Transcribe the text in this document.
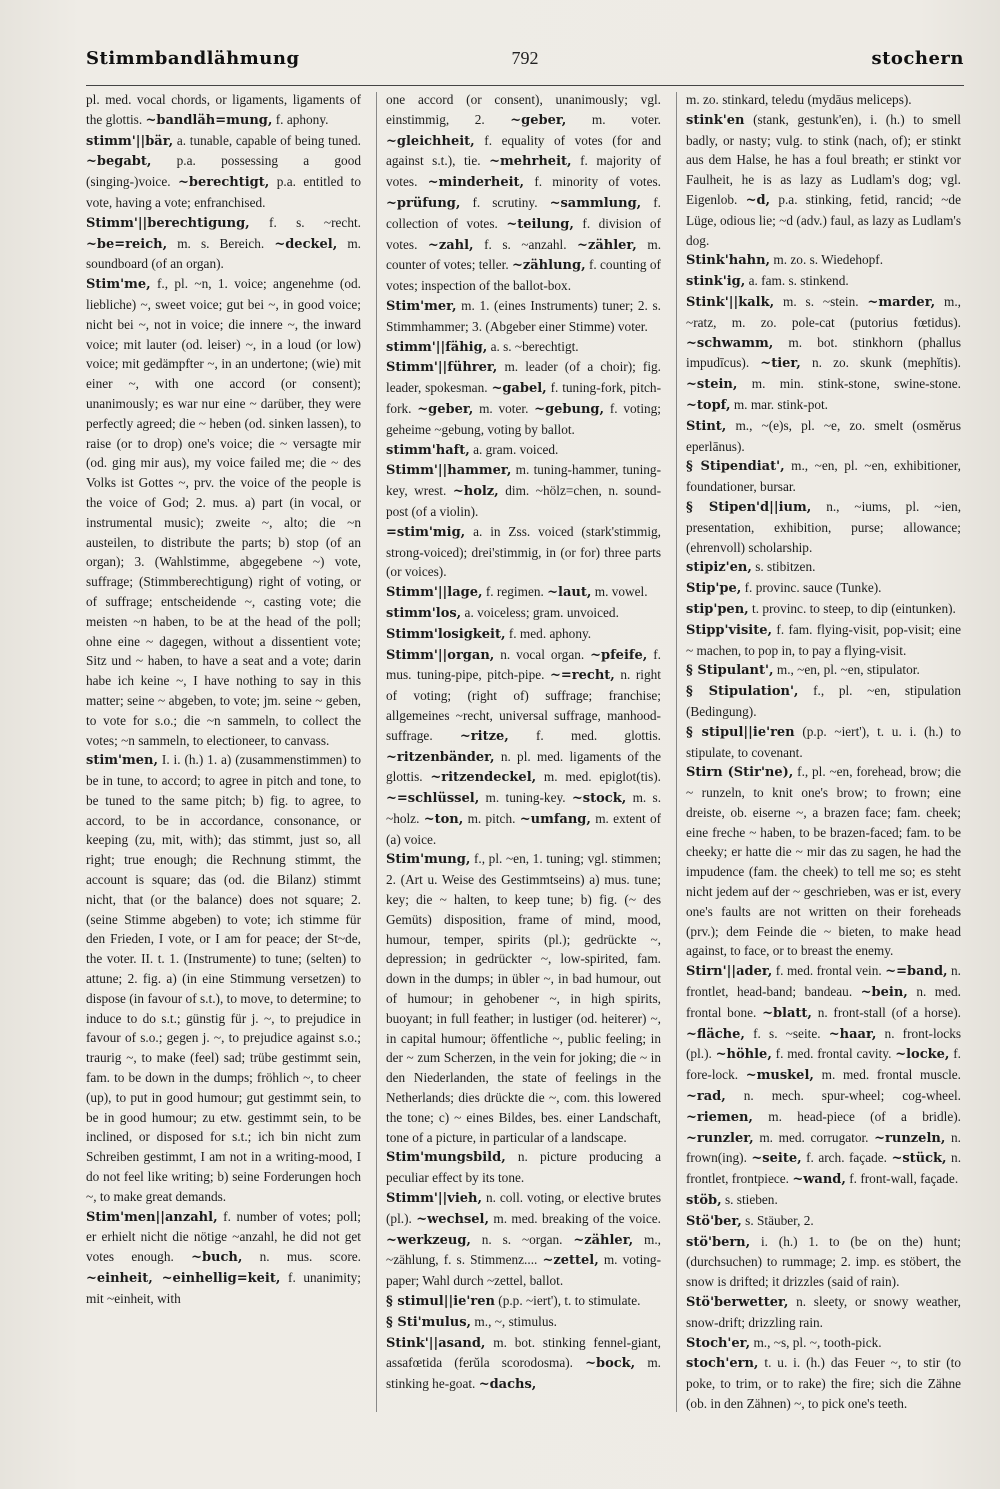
Stimmbandlähmung	792	stochern

pl. med. vocal chords, or ligaments, ligaments of the glottis. ~bandläh=mung, f. aphony.
stimm'||bär, a. tunable, capable of being tuned. ~begabt, p.a. possessing a good (singing-)voice. ~berechtigt, p.a. entitled to vote, having a vote; enfranchised.
Stimm'||berechtigung, f. s. ~recht. ~be=reich, m. s. Bereich. ~deckel, m. soundboard (of an organ).
Stim'me, f., pl. ~n, 1. voice; angenehme (od. liebliche) ~, sweet voice; gut bei ~, in good voice; nicht bei ~, not in voice; die innere ~, the inward voice; mit lauter (od. leiser) ~, in a loud (or low) voice; mit gedämpfter ~, in an undertone; (wie) mit einer ~, with one accord (or consent); unanimously; es war nur eine ~ darüber, they were perfectly agreed; die ~ heben (od. sinken lassen), to raise (or to drop) one's voice; die ~ versagte mir (od. ging mir aus), my voice failed me; die ~ des Volks ist Gottes ~, prv. the voice of the people is the voice of God; 2. mus. a) part (in vocal, or instrumental music); zweite ~, alto; die ~n austeilen, to distribute the parts; b) stop (of an organ); 3. (Wahlstimme, abgegebene ~) vote, suffrage; (Stimmberechtigung) right of voting, or of suffrage; entscheidende ~, casting vote; die meisten ~n haben, to be at the head of the poll; ohne eine ~ dagegen, without a dissentient vote; Sitz und ~ haben, to have a seat and a vote; darin habe ich keine ~, I have nothing to say in this matter; seine ~ abgeben, to vote; jm. seine ~ geben, to vote for s.o.; die ~n sammeln, to collect the votes; ~n sammeln, to electioneer, to canvass.
stim'men, I. i. (h.) 1. a) (zusammenstimmen) to be in tune, to accord; to agree in pitch and tone, to be tuned to the same pitch; b) fig. to agree, to accord, to be in accordance, consonance, or keeping (zu, mit, with); das stimmt, just so, all right; true enough; die Rechnung stimmt, the account is square; das (od. die Bilanz) stimmt nicht, that (or the balance) does not square; 2. (seine Stimme abgeben) to vote; ich stimme für den Frieden, I vote, or I am for peace; der St~de, the voter. II. t. 1. (Instrumente) to tune; (selten) to attune; 2. fig. a) (in eine Stimmung versetzen) to dispose (in favour of s.t.), to move, to determine; to induce to do s.t.; günstig für j. ~, to prejudice in favour of s.o.; gegen j. ~, to prejudice against s.o.; traurig ~, to make (feel) sad; trübe gestimmt sein, fam. to be down in the dumps; fröhlich ~, to cheer (up), to put in good humour; gut gestimmt sein, to be in good humour; zu etw. gestimmt sein, to be inclined, or disposed for s.t.; ich bin nicht zum Schreiben gestimmt, I am not in a writing-mood, I do not feel like writing; b) seine Forderungen hoch ~, to make great demands.
Stim'men||anzahl, f. number of votes; poll; er erhielt nicht die nötige ~anzahl, he did not get votes enough. ~buch, n. mus. score. ~einheit, ~einhellig=keit, f. unanimity; mit ~einheit, with

one accord (or consent), unanimously; vgl. einstimmig, 2. ~geber, m. voter. ~gleichheit, f. equality of votes (for and against s.t.), tie. ~mehrheit, f. majority of votes. ~minderheit, f. minority of votes. ~prüfung, f. scrutiny. ~sammlung, f. collection of votes. ~teilung, f. division of votes. ~zahl, f. s. ~anzahl. ~zähler, m. counter of votes; teller. ~zählung, f. counting of votes; inspection of the ballot-box.
Stim'mer, m. 1. (eines Instruments) tuner; 2. s. Stimmhammer; 3. (Abgeber einer Stimme) voter.
stimm'||fähig, a. s. ~berechtigt.
Stimm'||führer, m. leader (of a choir); fig. leader, spokesman. ~gabel, f. tuning-fork, pitch-fork. ~geber, m. voter. ~gebung, f. voting; geheime ~gebung, voting by ballot.
stimm'haft, a. gram. voiced.
Stimm'||hammer, m. tuning-hammer, tuning-key, wrest. ~holz, dim. ~hölz=chen, n. sound-post (of a violin).
=stim'mig, a. in Zss. voiced (stark'stimmig, strong-voiced); drei'stimmig, in (or for) three parts (or voices).
Stimm'||lage, f. regimen. ~laut, m. vowel.
stimm'los, a. voiceless; gram. unvoiced.
Stimm'losigkeit, f. med. aphony.
Stimm'||organ, n. vocal organ. ~pfeife, f. mus. tuning-pipe, pitch-pipe. ~=recht, n. right of voting; (right of) suffrage; franchise; allgemeines ~recht, universal suffrage, manhood-suffrage. ~ritze, f. med. glottis. ~ritzenbänder, n. pl. med. ligaments of the glottis. ~ritzendeckel, m. med. epiglot(tis). ~=schlüssel, m. tuning-key. ~stock, m. s. ~holz. ~ton, m. pitch. ~umfang, m. extent of (a) voice.
Stim'mung, f., pl. ~en, 1. tuning; vgl. stimmen; 2. (Art u. Weise des Gestimmtseins) a) mus. tune; key; die ~ halten, to keep tune; b) fig. (~ des Gemüts) disposition, frame of mind, mood, humour, temper, spirits (pl.); gedrückte ~, depression; in gedrückter ~, low-spirited, fam. down in the dumps; in übler ~, in bad humour, out of humour; in gehobener ~, in high spirits, buoyant; in full feather; in lustiger (od. heiterer) ~, in capital humour; öffentliche ~, public feeling; in der ~ zum Scherzen, in the vein for joking; die ~ in den Niederlanden, the state of feelings in the Netherlands; dies drückte die ~, com. this lowered the tone; c) ~ eines Bildes, bes. einer Landschaft, tone of a picture, in particular of a landscape.
Stim'mungsbild, n. picture producing a peculiar effect by its tone.
Stimm'||vieh, n. coll. voting, or elective brutes (pl.). ~wechsel, m. med. breaking of the voice. ~werkzeug, n. s. ~organ. ~zähler, m., ~zählung, f. s. Stimmenz.... ~zettel, m. voting-paper; Wahl durch ~zettel, ballot.
§ stimul||ie'ren (p.p. ~iert'), t. to stimulate.
§ Sti'mulus, m., ~, stimulus.
Stink'||asand, m. bot. stinking fennel-giant, assafœtida (ferŭla scorodosma). ~bock, m. stinking he-goat. ~dachs,

m. zo. stinkard, teledu (mydāus meliceps).
stink'en (stank, gestunk'en), i. (h.) to smell badly, or nasty; vulg. to stink (nach, of); er stinkt aus dem Halse, he has a foul breath; er stinkt vor Faulheit, he is as lazy as Ludlam's dog; vgl. Eigenlob. ~d, p.a. stinking, fetid, rancid; ~de Lüge, odious lie; ~d (adv.) faul, as lazy as Ludlam's dog.
Stink'hahn, m. zo. s. Wiedehopf.
stink'ig, a. fam. s. stinkend.
Stink'||kalk, m. s. ~stein. ~marder, m., ~ratz, m. zo. pole-cat (putorius fœtidus). ~schwamm, m. bot. stinkhorn (phallus impudīcus). ~tier, n. zo. skunk (mephĭtis). ~stein, m. min. stink-stone, swine-stone. ~topf, m. mar. stink-pot.
Stint, m., ~(e)s, pl. ~e, zo. smelt (osmĕrus eperlānus).
§ Stipendiat', m., ~en, pl. ~en, exhibitioner, foundationer, bursar.
§ Stipen'd||ium, n., ~iums, pl. ~ien, presentation, exhibition, purse; allowance; (ehrenvoll) scholarship.
stipiz'en, s. stibitzen.
Stip'pe, f. provinc. sauce (Tunke).
stip'pen, t. provinc. to steep, to dip (eintunken).
Stipp'visite, f. fam. flying-visit, pop-visit; eine ~ machen, to pop in, to pay a flying-visit.
§ Stipulant', m., ~en, pl. ~en, stipulator.
§ Stipulation', f., pl. ~en, stipulation (Bedingung).
§ stipul||ie'ren (p.p. ~iert'), t. u. i. (h.) to stipulate, to covenant.
Stirn (Stir'ne), f., pl. ~en, forehead, brow; die ~ runzeln, to knit one's brow; to frown; eine dreiste, ob. eiserne ~, a brazen face; fam. cheek; eine freche ~ haben, to be brazen-faced; fam. to be cheeky; er hatte die ~ mir das zu sagen, he had the impudence (fam. the cheek) to tell me so; es steht nicht jedem auf der ~ geschrieben, was er ist, every one's faults are not written on their foreheads (prv.); dem Feinde die ~ bieten, to make head against, to face, or to breast the enemy.
Stirn'||ader, f. med. frontal vein. ~=band, n. frontlet, head-band; bandeau. ~bein, n. med. frontal bone. ~blatt, n. front-stall (of a horse). ~fläche, f. s. ~seite. ~haar, n. front-locks (pl.). ~höhle, f. med. frontal cavity. ~locke, f. fore-lock. ~muskel, m. med. frontal muscle. ~rad, n. mech. spur-wheel; cog-wheel. ~riemen, m. head-piece (of a bridle). ~runzler, m. med. corrugator. ~runzeln, n. frown(ing). ~seite, f. arch. façade. ~stück, n. frontlet, frontpiece. ~wand, f. front-wall, façade.
stöb, s. stieben.
Stö'ber, s. Stäuber, 2.
stö'bern, i. (h.) 1. to (be on the) hunt; (durchsuchen) to rummage; 2. imp. es stöbert, the snow is drifted; it drizzles (said of rain).
Stö'berwetter, n. sleety, or snowy weather, snow-drift; drizzling rain.
Stoch'er, m., ~s, pl. ~, tooth-pick.
stoch'ern, t. u. i. (h.) das Feuer ~, to stir (to poke, to trim, or to rake) the fire; sich die Zähne (ob. in den Zähnen) ~, to pick one's teeth.
